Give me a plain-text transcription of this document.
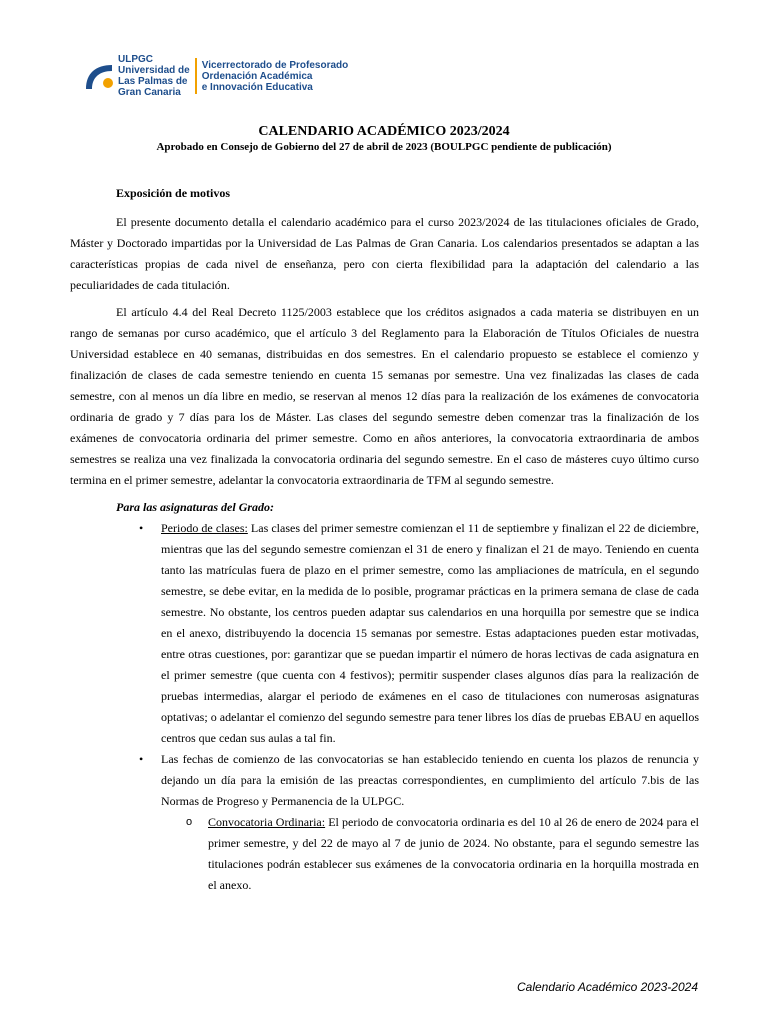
ULPGC
Universidad de
Las Palmas de
Gran Canaria
Vicerrectorado de Profesorado
Ordenación Académica
e Innovación Educativa
CALENDARIO ACADÉMICO 2023/2024
Aprobado en Consejo de Gobierno del 27 de abril de 2023 (BOULPGC pendiente de publicación)
Exposición de motivos

El presente documento detalla el calendario académico para el curso 2023/2024 de las titulaciones oficiales de Grado, Máster y Doctorado impartidas por la Universidad de Las Palmas de Gran Canaria. Los calendarios presentados se adaptan a las características propias de cada nivel de enseñanza, pero con cierta flexibilidad para la adaptación del calendario a las peculiaridades de cada titulación.

El artículo 4.4 del Real Decreto 1125/2003 establece que los créditos asignados a cada materia se distribuyen en un rango de semanas por curso académico, que el artículo 3 del Reglamento para la Elaboración de Títulos Oficiales de nuestra Universidad establece en 40 semanas, distribuidas en dos semestres. En el calendario propuesto se establece el comienzo y finalización de clases de cada semestre teniendo en cuenta 15 semanas por semestre. Una vez finalizadas las clases de cada semestre, con al menos un día libre en medio, se reservan al menos 12 días para la realización de los exámenes de convocatoria ordinaria de grado y 7 días para los de Máster. Las clases del segundo semestre deben comenzar tras la finalización de los exámenes de convocatoria ordinaria del primer semestre. Como en años anteriores, la convocatoria extraordinaria de ambos semestres se realiza una vez finalizada la convocatoria ordinaria del segundo semestre. En el caso de másteres cuyo último curso termina en el primer semestre, adelantar la convocatoria extraordinaria de TFM al segundo semestre.

Para las asignaturas del Grado:
• Periodo de clases: Las clases del primer semestre comienzan el 11 de septiembre y finalizan el 22 de diciembre, mientras que las del segundo semestre comienzan el 31 de enero y finalizan el 21 de mayo. Teniendo en cuenta tanto las matrículas fuera de plazo en el primer semestre, como las ampliaciones de matrícula, en el segundo semestre, se debe evitar, en la medida de lo posible, programar prácticas en la primera semana de clase de cada semestre. No obstante, los centros pueden adaptar sus calendarios en una horquilla por semestre que se indica en el anexo, distribuyendo la docencia 15 semanas por semestre. Estas adaptaciones pueden estar motivadas, entre otras cuestiones, por: garantizar que se puedan impartir el número de horas lectivas de cada asignatura en el primer semestre (que cuenta con 4 festivos); permitir suspender clases algunos días para la realización de pruebas intermedias, alargar el periodo de exámenes en el caso de titulaciones con numerosas asignaturas optativas; o adelantar el comienzo del segundo semestre para tener libres los días de pruebas EBAU en aquellos centros que cedan sus aulas a tal fin.
• Las fechas de comienzo de las convocatorias se han establecido teniendo en cuenta los plazos de renuncia y dejando un día para la emisión de las preactas correspondientes, en cumplimiento del artículo 7.bis de las Normas de Progreso y Permanencia de la ULPGC.
o Convocatoria Ordinaria: El periodo de convocatoria ordinaria es del 10 al 26 de enero de 2024 para el primer semestre, y del 22 de mayo al 7 de junio de 2024. No obstante, para el segundo semestre las titulaciones podrán establecer sus exámenes de la convocatoria ordinaria en la horquilla mostrada en el anexo.
Calendario Académico 2023-2024
